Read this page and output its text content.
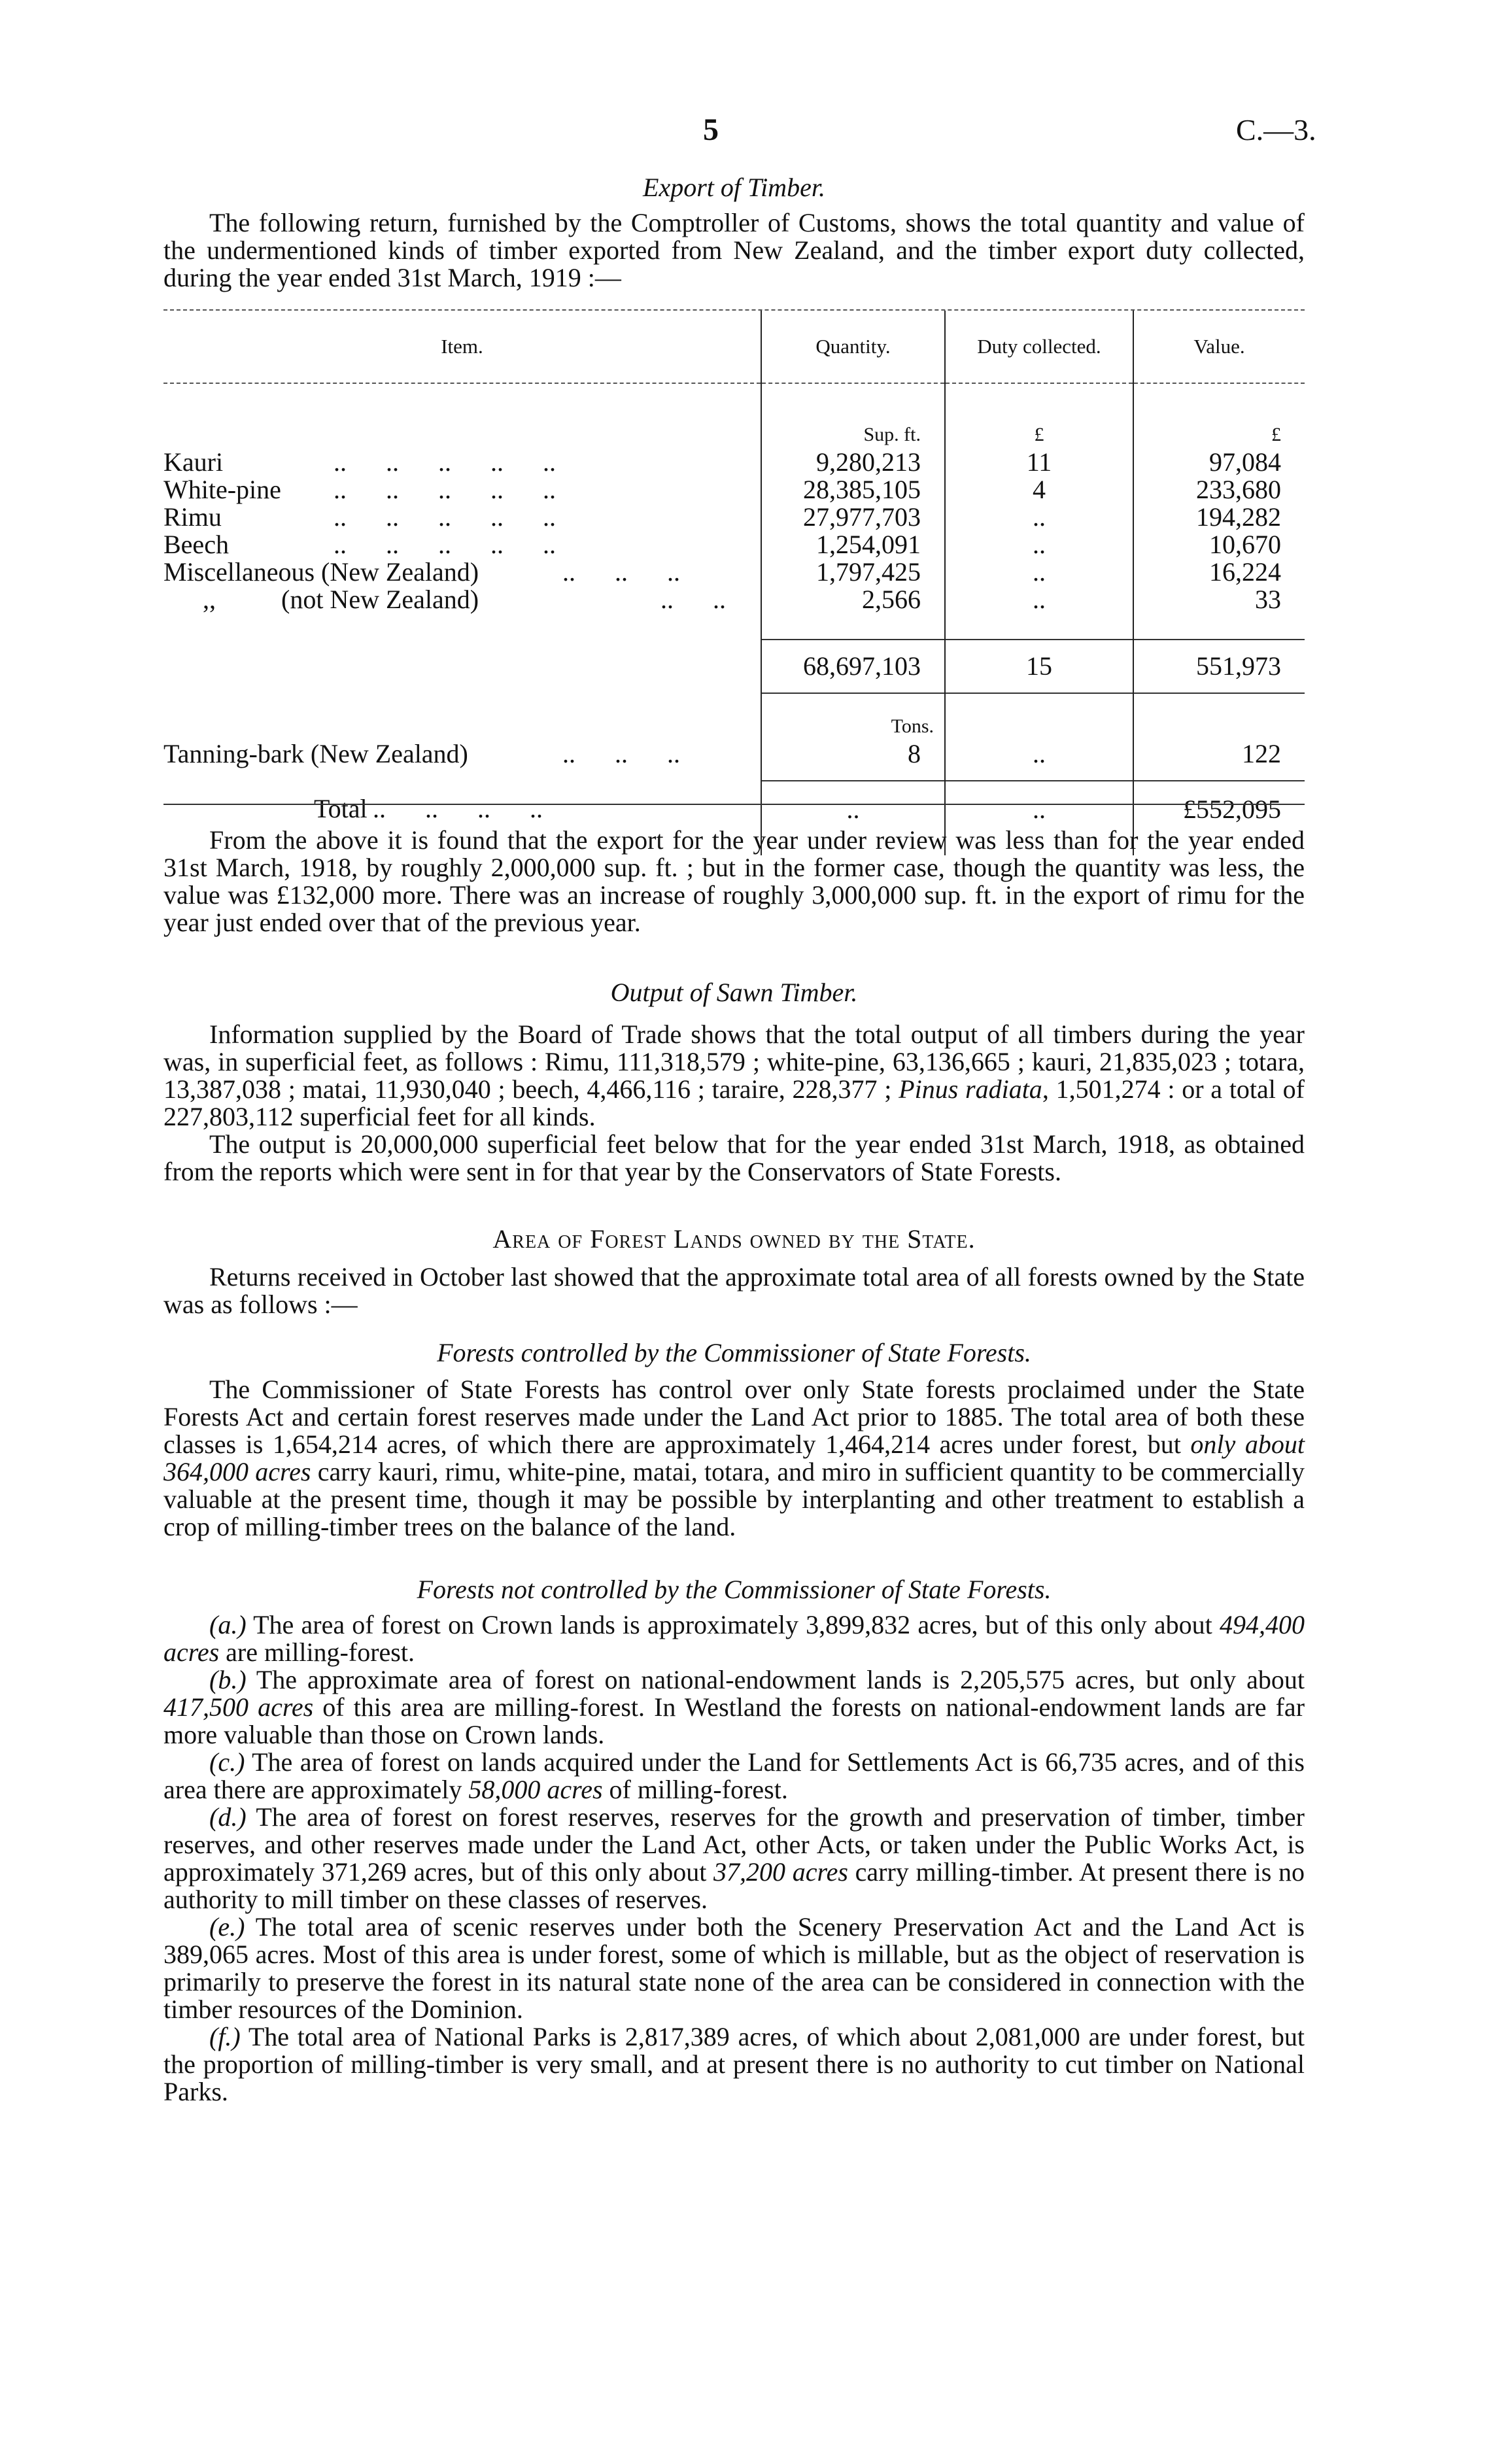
5	C.—3.
Export of Timber.

The following return, furnished by the Comptroller of Customs, shows the total quantity and value of the undermentioned kinds of timber exported from New Zealand, and the timber export duty collected, during the year ended 31st March, 1919 :—

Item.	Quantity.	Duty collected.	Value.
	Sup. ft.	£	£
Kauri ..	9,280,213	11	97,084
White-pine ..	28,385,105	4	233,680
Rimu ..	27,977,703	..	194,282
Beech ..	1,254,091	..	10,670
Miscellaneous (New Zealand) ..      ..      ..	1,797,425	..	16,224
,,          (not New Zealand) ..      ..	2,566	..	33

	68,697,103	15	551,973
	Tons.		
Tanning-bark (New Zealand) ..      ..      ..	8	..	122

Total ..      ..      ..      ..	..	..	£552,095

From the above it is found that the export for the year under review was less than for the year ended 31st March, 1918, by roughly 2,000,000 sup. ft. ; but in the former case, though the quantity was less, the value was £132,000 more. There was an increase of roughly 3,000,000 sup. ft. in the export of rimu for the year just ended over that of the previous year.

Output of Sawn Timber.

Information supplied by the Board of Trade shows that the total output of all timbers during the year was, in superficial feet, as follows : Rimu, 111,318,579 ; white-pine, 63,136,665 ; kauri, 21,835,023 ; totara, 13,387,038 ; matai, 11,930,040 ; beech, 4,466,116 ; taraire, 228,377 ; Pinus radiata, 1,501,274 : or a total of 227,803,112 superficial feet for all kinds.

The output is 20,000,000 superficial feet below that for the year ended 31st March, 1918, as obtained from the reports which were sent in for that year by the Conservators of State Forests.

Area of Forest Lands owned by the State.

Returns received in October last showed that the approximate total area of all forests owned by the State was as follows :—

Forests controlled by the Commissioner of State Forests.

The Commissioner of State Forests has control over only State forests proclaimed under the State Forests Act and certain forest reserves made under the Land Act prior to 1885. The total area of both these classes is 1,654,214 acres, of which there are approximately 1,464,214 acres under forest, but only about 364,000 acres carry kauri, rimu, white-pine, matai, totara, and miro in sufficient quantity to be commercially valuable at the present time, though it may be possible by interplanting and other treatment to establish a crop of milling-timber trees on the balance of the land.

Forests not controlled by the Commissioner of State Forests.

(a.) The area of forest on Crown lands is approximately 3,899,832 acres, but of this only about 494,400 acres are milling-forest.

(b.) The approximate area of forest on national-endowment lands is 2,205,575 acres, but only about 417,500 acres of this area are milling-forest. In Westland the forests on national-endowment lands are far more valuable than those on Crown lands.

(c.) The area of forest on lands acquired under the Land for Settlements Act is 66,735 acres, and of this area there are approximately 58,000 acres of milling-forest.

(d.) The area of forest on forest reserves, reserves for the growth and preservation of timber, timber reserves, and other reserves made under the Land Act, other Acts, or taken under the Public Works Act, is approximately 371,269 acres, but of this only about 37,200 acres carry milling-timber. At present there is no authority to mill timber on these classes of reserves.

(e.) The total area of scenic reserves under both the Scenery Preservation Act and the Land Act is 389,065 acres. Most of this area is under forest, some of which is millable, but as the object of reservation is primarily to preserve the forest in its natural state none of the area can be considered in connection with the timber resources of the Dominion.

(f.) The total area of National Parks is 2,817,389 acres, of which about 2,081,000 are under forest, but the proportion of milling-timber is very small, and at present there is no authority to cut timber on National Parks.
